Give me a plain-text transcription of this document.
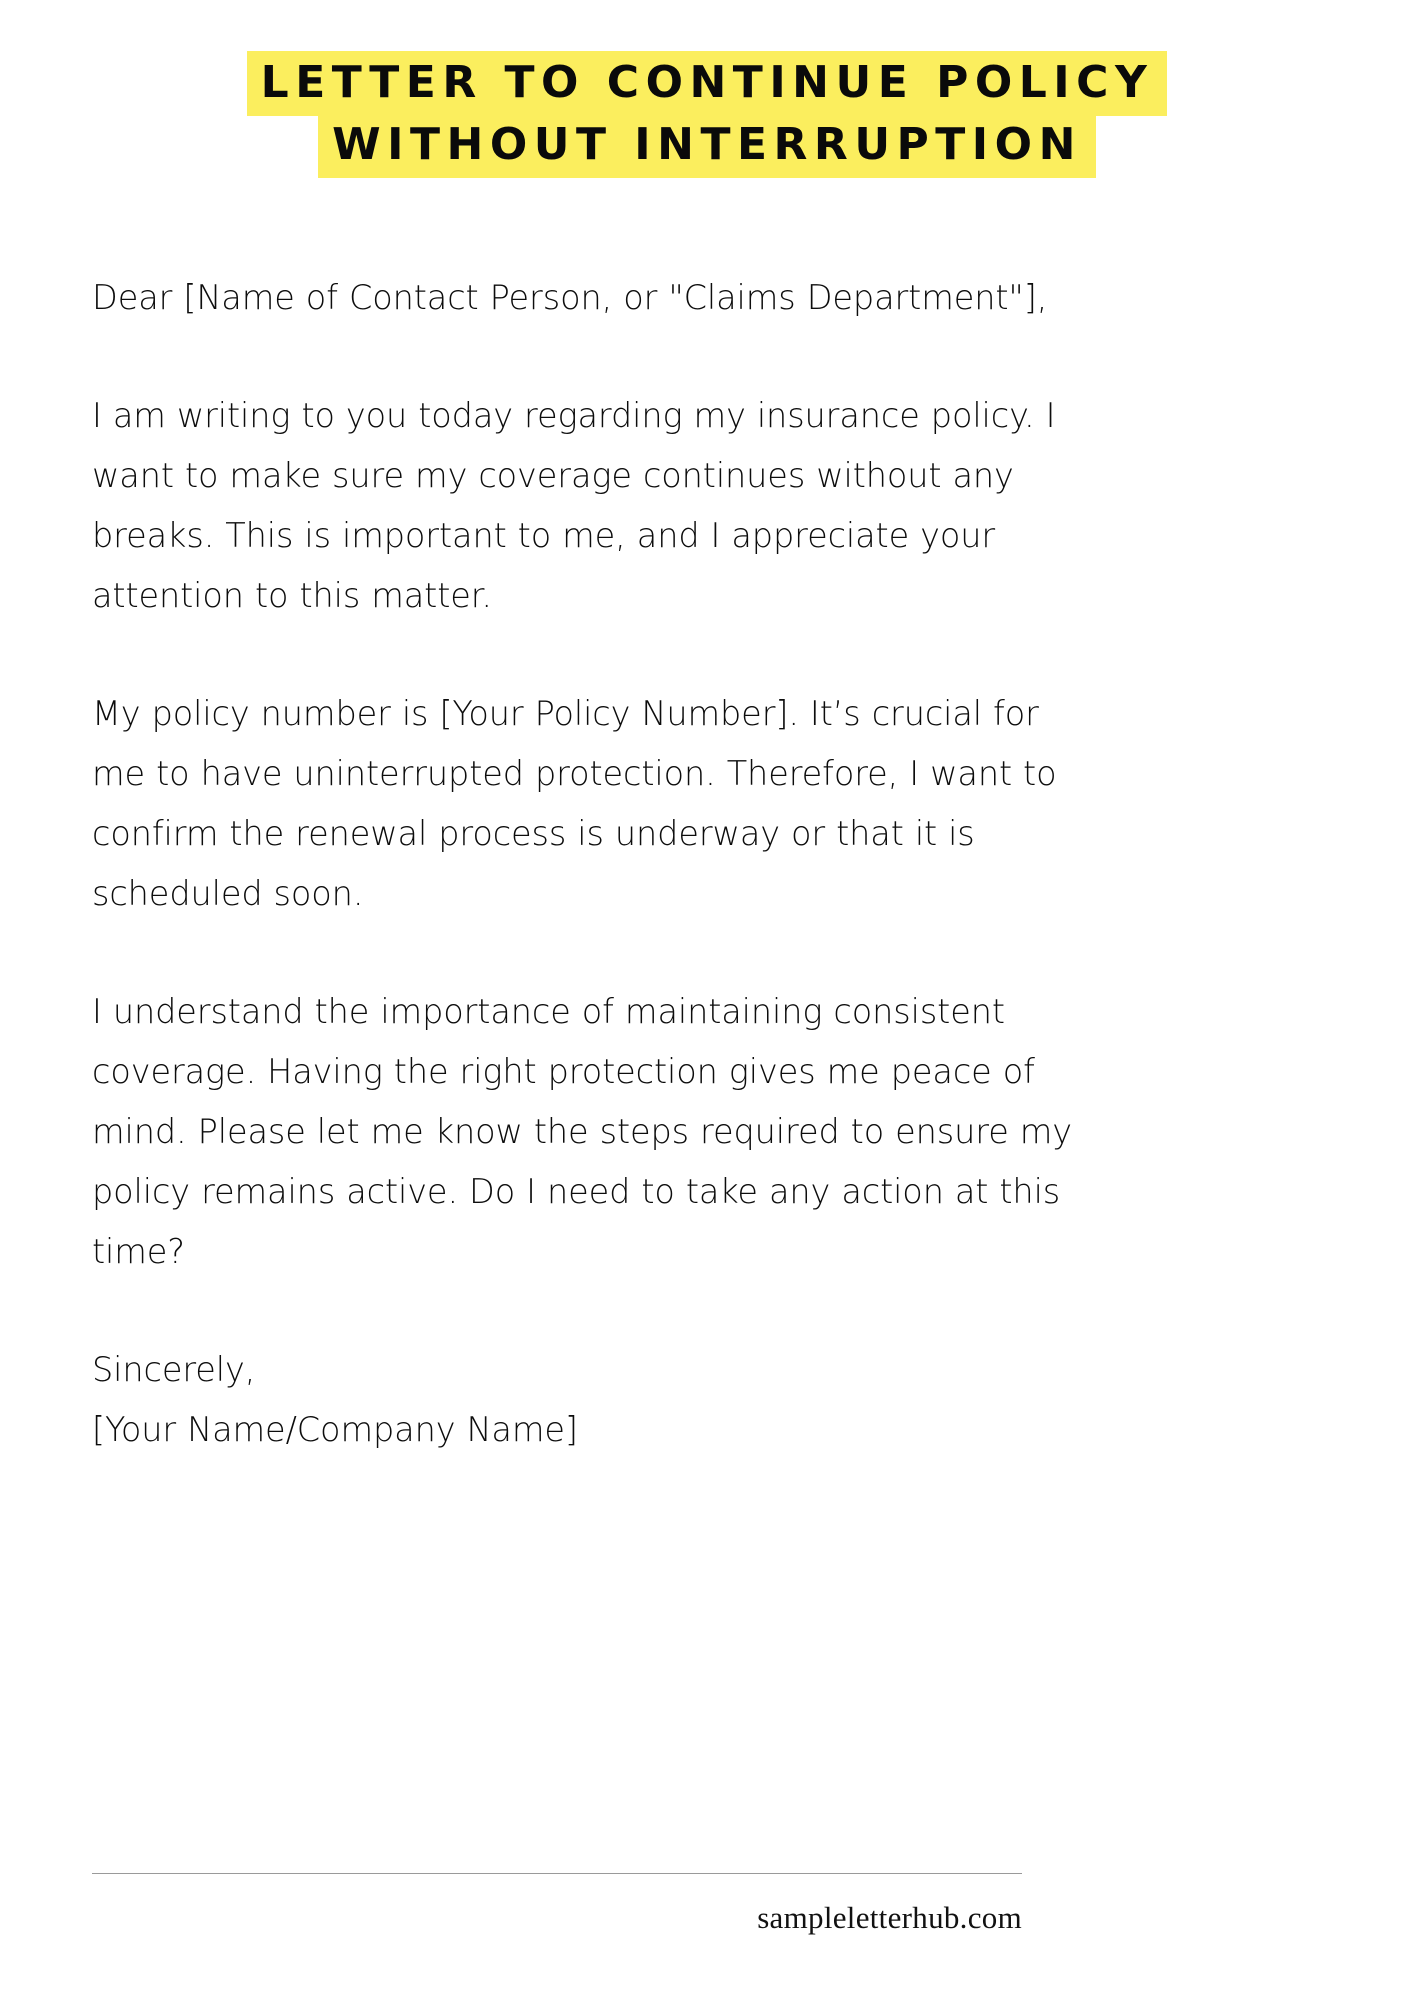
LETTER TO CONTINUE POLICY
WITHOUT INTERRUPTION

Dear [Name of Contact Person, or "Claims Department"],

I am writing to you today regarding my insurance policy. I want to make sure my coverage continues without any breaks. This is important to me, and I appreciate your attention to this matter.

My policy number is [Your Policy Number]. It’s crucial for me to have uninterrupted protection. Therefore, I want to confirm the renewal process is underway or that it is scheduled soon.

I understand the importance of maintaining consistent coverage. Having the right protection gives me peace of mind. Please let me know the steps required to ensure my policy remains active. Do I need to take any action at this time?

Sincerely,

[Your Name/Company Name]

sampleletterhub.com
